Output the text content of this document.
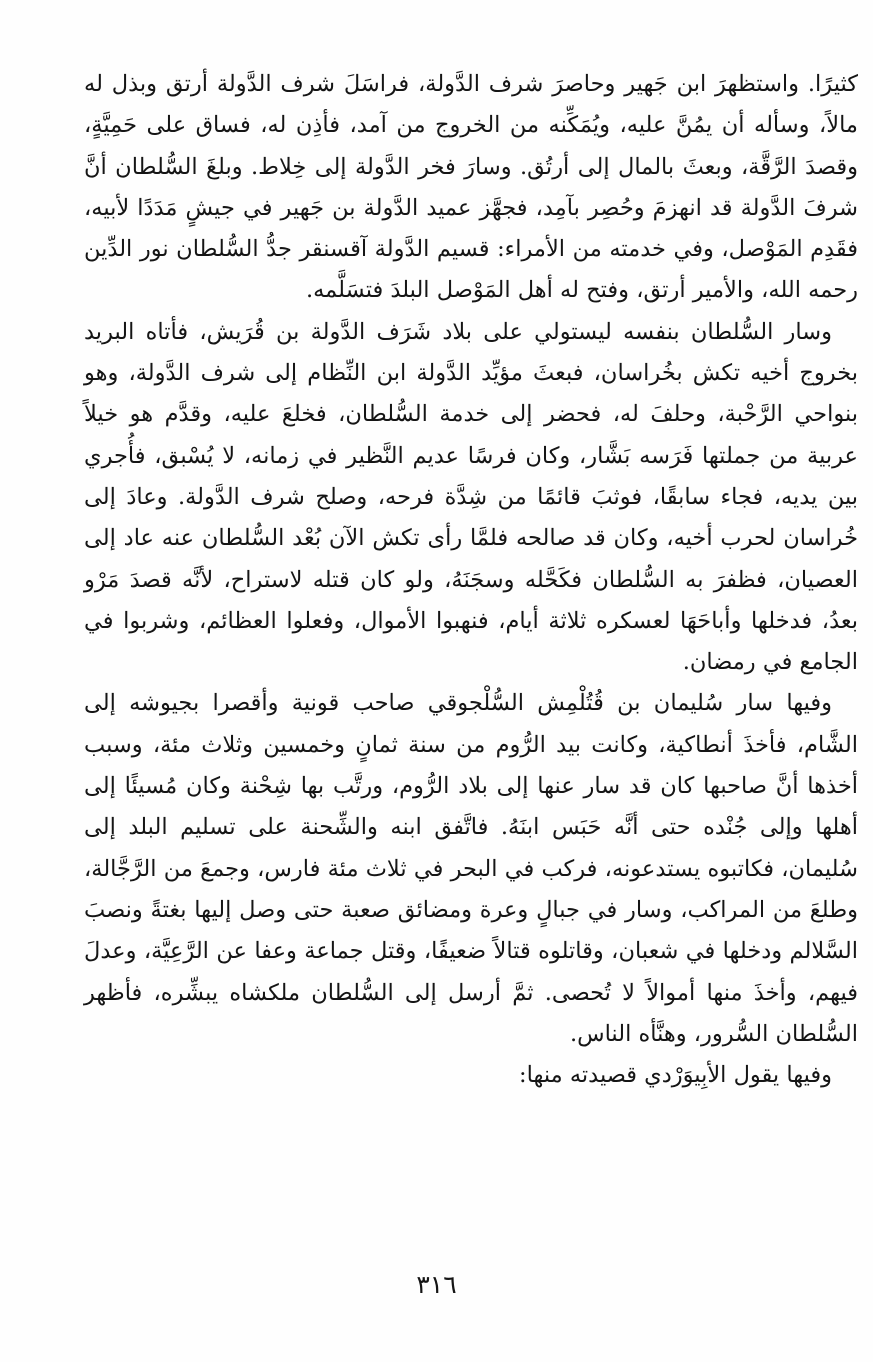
كثيرًا. واستظهرَ ابن جَهير وحاصرَ شرف الدَّولة، فراسَلَ شرف الدَّولة أرتق وبذل له مالاً، وسأله أن يمُنَّ عليه، ويُمَكِّنه من الخروج من آمد، فأذِن له، فساق على حَمِيَّةٍ، وقصدَ الرَّقَّة، وبعثَ بالمال إلى أرتُق. وسارَ فخر الدَّولة إلى خِلاط. وبلغَ السُّلطان أنَّ شرفَ الدَّولة قد انهزمَ وحُصِر بآمِد، فجهَّز عميد الدَّولة بن جَهير في جيشٍ مَدَدًا لأبيه، فقَدِم المَوْصل، وفي خدمته من الأمراء: قسيم الدَّولة آقسنقر جدُّ السُّلطان نور الدِّين رحمه الله، والأمير أرتق، وفتح له أهل المَوْصل البلدَ فتسَلَّمه.

وسار السُّلطان بنفسه ليستولي على بلاد شَرَف الدَّولة بن قُرَيش، فأتاه البريد بخروج أخيه تكش بخُراسان، فبعثَ مؤيِّد الدَّولة ابن النِّظام إلى شرف الدَّولة، وهو بنواحي الرَّحْبة، وحلفَ له، فحضر إلى خدمة السُّلطان، فخلعَ عليه، وقدَّم هو خيلاً عربية من جملتها فَرَسه بَشَّار، وكان فرسًا عديم النَّظير في زمانه، لا يُسْبق، فأُجري بين يديه، فجاء سابقًا، فوثبَ قائمًا من شِدَّة فرحه، وصلح شرف الدَّولة. وعادَ إلى خُراسان لحرب أخيه، وكان قد صالحه فلمَّا رأى تكش الآن بُعْد السُّلطان عنه عاد إلى العصيان، فظفرَ به السُّلطان فكَحَّله وسجَنَهُ، ولو كان قتله لاستراح، لأنَّه قصدَ مَرْو بعدُ، فدخلها وأباحَهَا لعسكره ثلاثة أيام، فنهبوا الأموال، وفعلوا العظائم، وشربوا في الجامع في رمضان.

وفيها سار سُليمان بن قُتُلْمِش السُّلْجوقي صاحب قونية وأقصرا بجيوشه إلى الشَّام، فأخذَ أنطاكية، وكانت بيد الرُّوم من سنة ثمانٍ وخمسين وثلاث مئة، وسبب أخذها أنَّ صاحبها كان قد سار عنها إلى بلاد الرُّوم، ورتَّب بها شِحْنة وكان مُسيئًا إلى أهلها وإلى جُنْده حتى أنَّه حَبَس ابنَهُ. فاتَّفق ابنه والشِّحنة على تسليم البلد إلى سُليمان، فكاتبوه يستدعونه، فركب في البحر في ثلاث مئة فارس، وجمعَ من الرَّجَّالة، وطلعَ من المراكب، وسار في جبالٍ وعرة ومضائق صعبة حتى وصل إليها بغتةً ونصبَ السَّلالم ودخلها في شعبان، وقاتلوه قتالاً ضعيفًا، وقتل جماعة وعفا عن الرَّعِيَّة، وعدلَ فيهم، وأخذَ منها أموالاً لا تُحصى. ثمَّ أرسل إلى السُّلطان ملكشاه يبشِّره، فأظهر السُّلطان السُّرور، وهنَّأه الناس.

وفيها يقول الأبِيوَرْدي قصيدته منها:

٣١٦
